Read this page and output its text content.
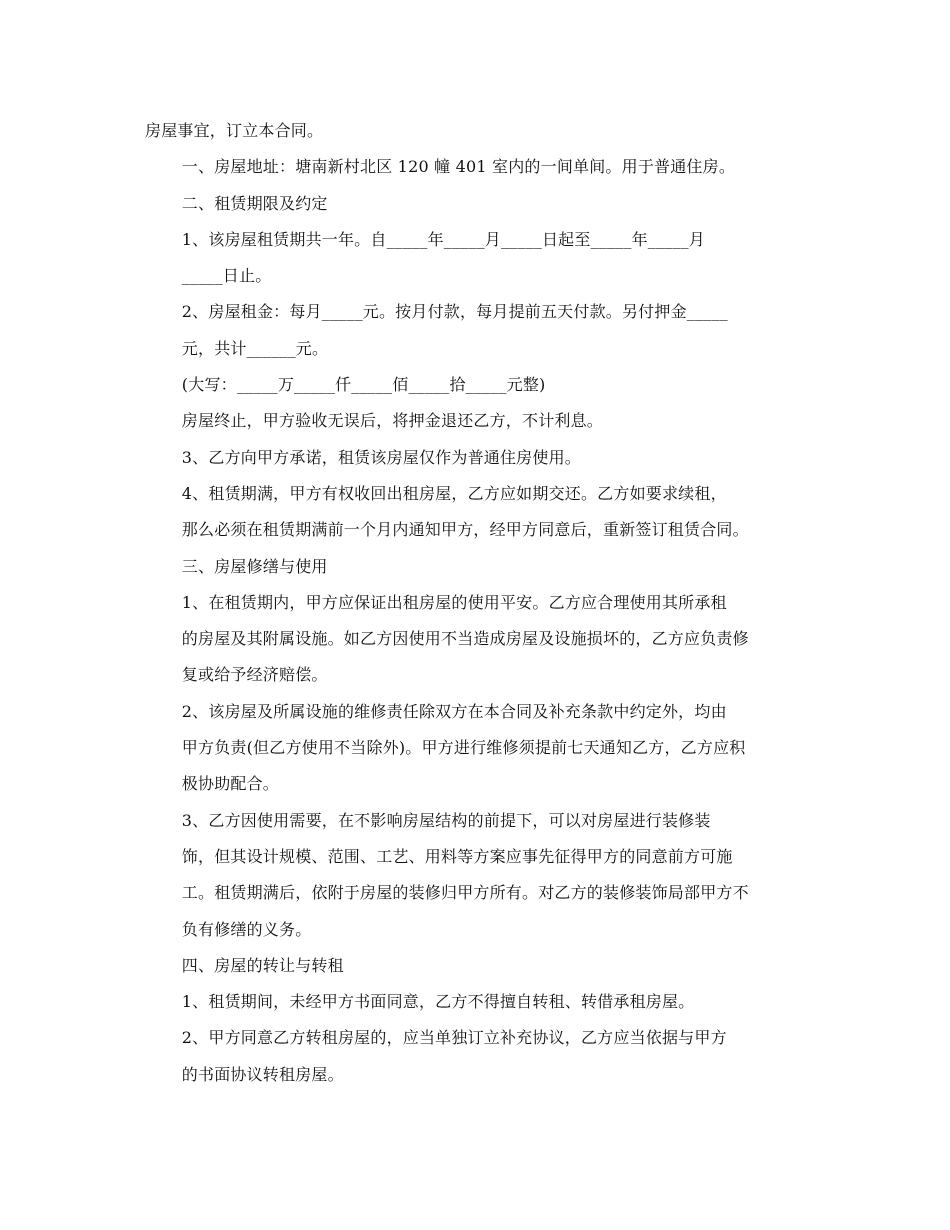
房屋事宜，订立本合同。

一、房屋地址：塘南新村北区 120 幢 401 室内的一间单间。用于普通住房。

二、租赁期限及约定

1、该房屋租赁期共一年。自_____年_____月_____日起至_____年_____月
_____日止。

2、房屋租金：每月_____元。按月付款，每月提前五天付款。另付押金_____
元，共计______元。

(大写：_____万_____仟_____佰_____拾_____元整)

房屋终止，甲方验收无误后，将押金退还乙方，不计利息。

3、乙方向甲方承诺，租赁该房屋仅作为普通住房使用。

4、租赁期满，甲方有权收回出租房屋，乙方应如期交还。乙方如要求续租，
那么必须在租赁期满前一个月内通知甲方，经甲方同意后，重新签订租赁合同。

三、房屋修缮与使用

1、在租赁期内，甲方应保证出租房屋的使用平安。乙方应合理使用其所承租
的房屋及其附属设施。如乙方因使用不当造成房屋及设施损坏的，乙方应负责修
复或给予经济赔偿。

2、该房屋及所属设施的维修责任除双方在本合同及补充条款中约定外，均由
甲方负责(但乙方使用不当除外)。甲方进行维修须提前七天通知乙方，乙方应积
极协助配合。

3、乙方因使用需要，在不影响房屋结构的前提下，可以对房屋进行装修装
饰，但其设计规模、范围、工艺、用料等方案应事先征得甲方的同意前方可施
工。租赁期满后，依附于房屋的装修归甲方所有。对乙方的装修装饰局部甲方不
负有修缮的义务。

四、房屋的转让与转租

1、租赁期间，未经甲方书面同意，乙方不得擅自转租、转借承租房屋。

2、甲方同意乙方转租房屋的，应当单独订立补充协议，乙方应当依据与甲方
的书面协议转租房屋。
